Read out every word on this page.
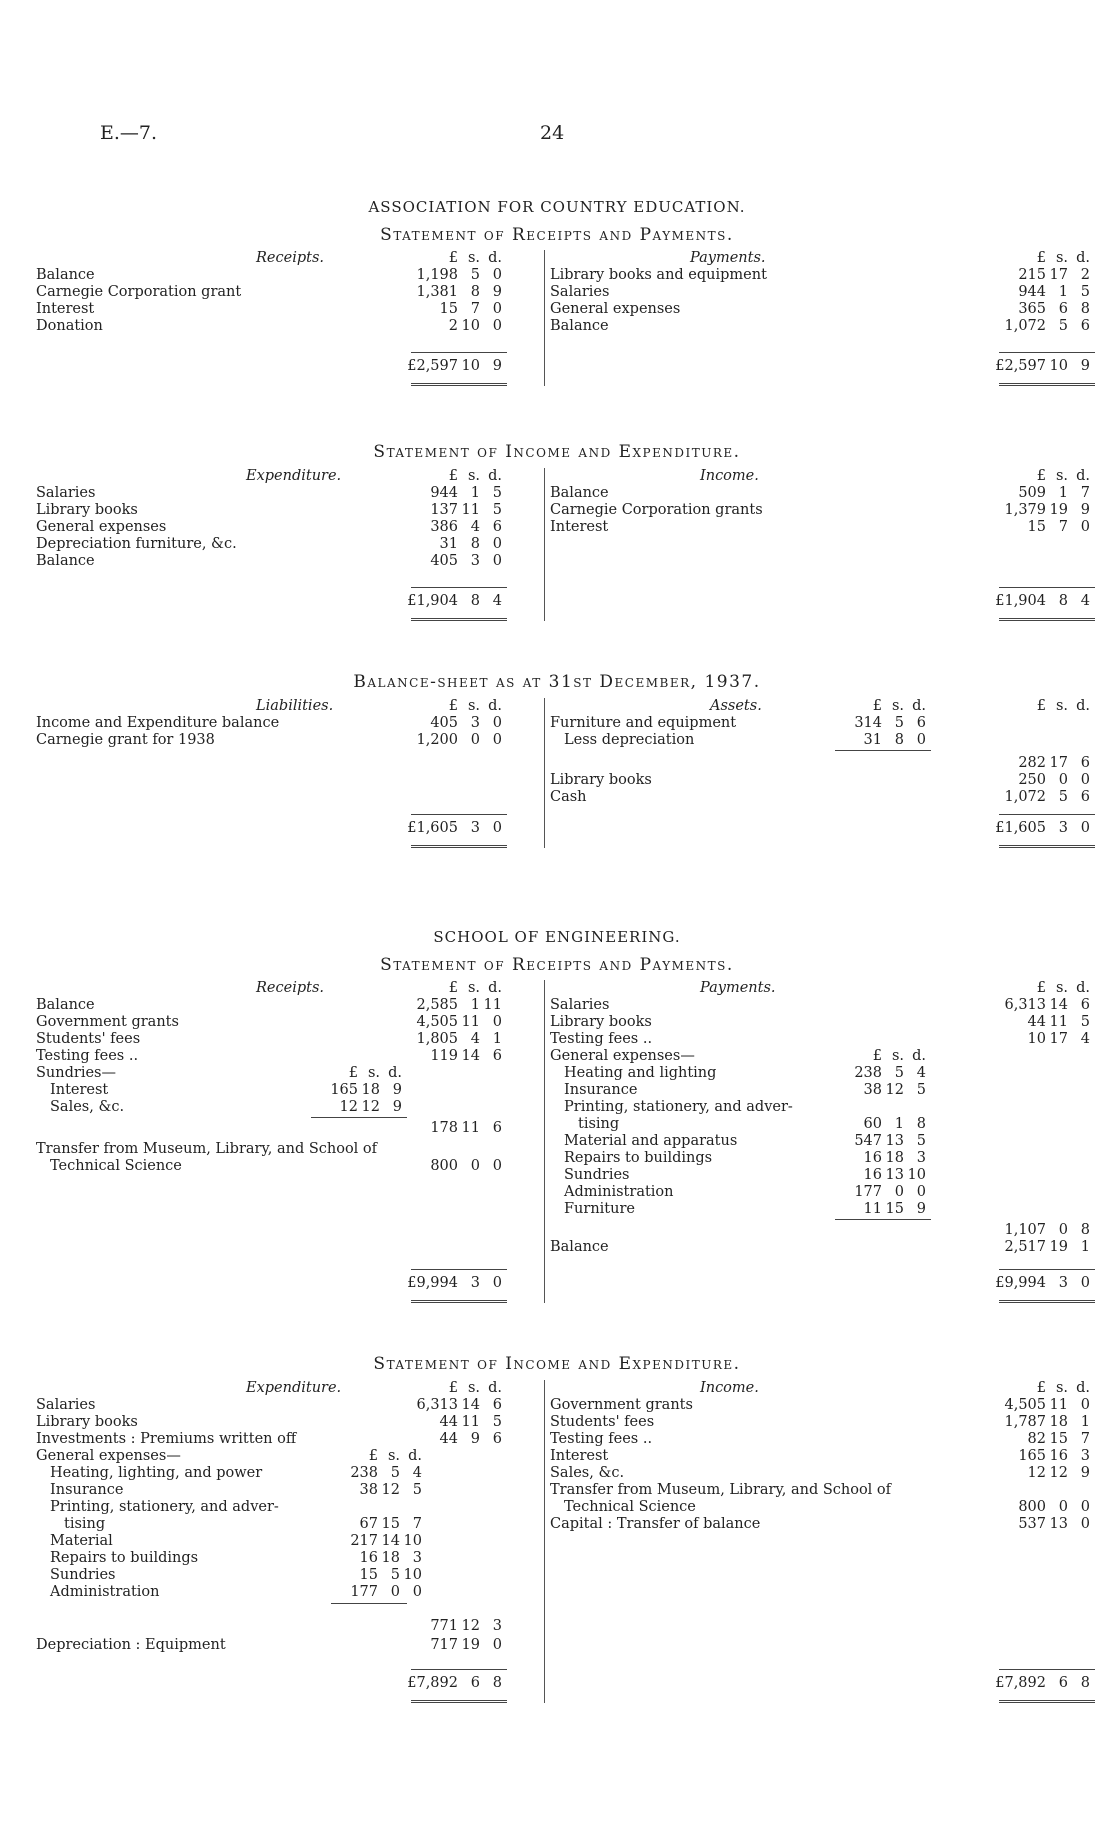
E.—7.	24
ASSOCIATION FOR COUNTRY EDUCATION.
Statement of Receipts and Payments.
Receipts.	£ s. d.
Balance	1,198 5 0
Carnegie Corporation grant	1,381 8 9
Interest	15 7 0
Donation	2 10 0
£2,597 10 9
Payments.	£ s. d.
Library books and equipment	215 17 2
Salaries	944 1 5
General expenses	365 6 8
Balance	1,072 5 6
£2,597 10 9
Statement of Income and Expenditure.
Expenditure.	£ s. d.
Salaries	944 1 5
Library books	137 11 5
General expenses	386 4 6
Depreciation furniture, &c.	31 8 0
Balance	405 3 0
£1,904 8 4
Income.	£ s. d.
Balance	509 1 7
Carnegie Corporation grants	1,379 19 9
Interest	15 7 0
£1,904 8 4
Balance-sheet as at 31st December, 1937.
Liabilities.	£ s. d.
Income and Expenditure balance	405 3 0
Carnegie grant for 1938	1,200 0 0
£1,605 3 0
Assets.	£ s. d.	£ s. d.
Furniture and equipment	314 5 6
Less depreciation	31 8 0
282 17 6
Library books	250 0 0
Cash	1,072 5 6
£1,605 3 0
SCHOOL OF ENGINEERING.
Statement of Receipts and Payments.
Receipts.	£ s. d.
Balance	2,585 1 11
Government grants	4,505 11 0
Students' fees	1,805 4 1
Testing fees ..	119 14 6
Sundries—	£ s. d.
Interest	165 18 9
Sales, &c.	12 12 9
178 11 6
Transfer from Museum, Library, and School of
Technical Science	800 0 0
£9,994 3 0
Payments.	£ s. d.
Salaries	6,313 14 6
Library books	44 11 5
Testing fees ..	10 17 4
General expenses—	£ s. d.
Heating and lighting	238 5 4
Insurance	38 12 5
Printing, stationery, and adver-
tising	60 1 8
Material and apparatus	547 13 5
Repairs to buildings	16 18 3
Sundries	16 13 10
Administration	177 0 0
Furniture	11 15 9
1,107 0 8
Balance	2,517 19 1
£9,994 3 0
Statement of Income and Expenditure.
Expenditure.	£ s. d.
Salaries	6,313 14 6
Library books	44 11 5
Investments : Premiums written off	44 9 6
General expenses—	£ s. d.
Heating, lighting, and power	238 5 4
Insurance	38 12 5
Printing, stationery, and adver-
tising	67 15 7
Material	217 14 10
Repairs to buildings	16 18 3
Sundries	15 5 10
Administration	177 0 0
771 12 3
Depreciation : Equipment	717 19 0
£7,892 6 8
Income.	£ s. d.
Government grants	4,505 11 0
Students' fees	1,787 18 1
Testing fees ..	82 15 7
Interest	165 16 3
Sales, &c.	12 12 9
Transfer from Museum, Library, and School of
Technical Science	800 0 0
Capital : Transfer of balance	537 13 0
£7,892 6 8
